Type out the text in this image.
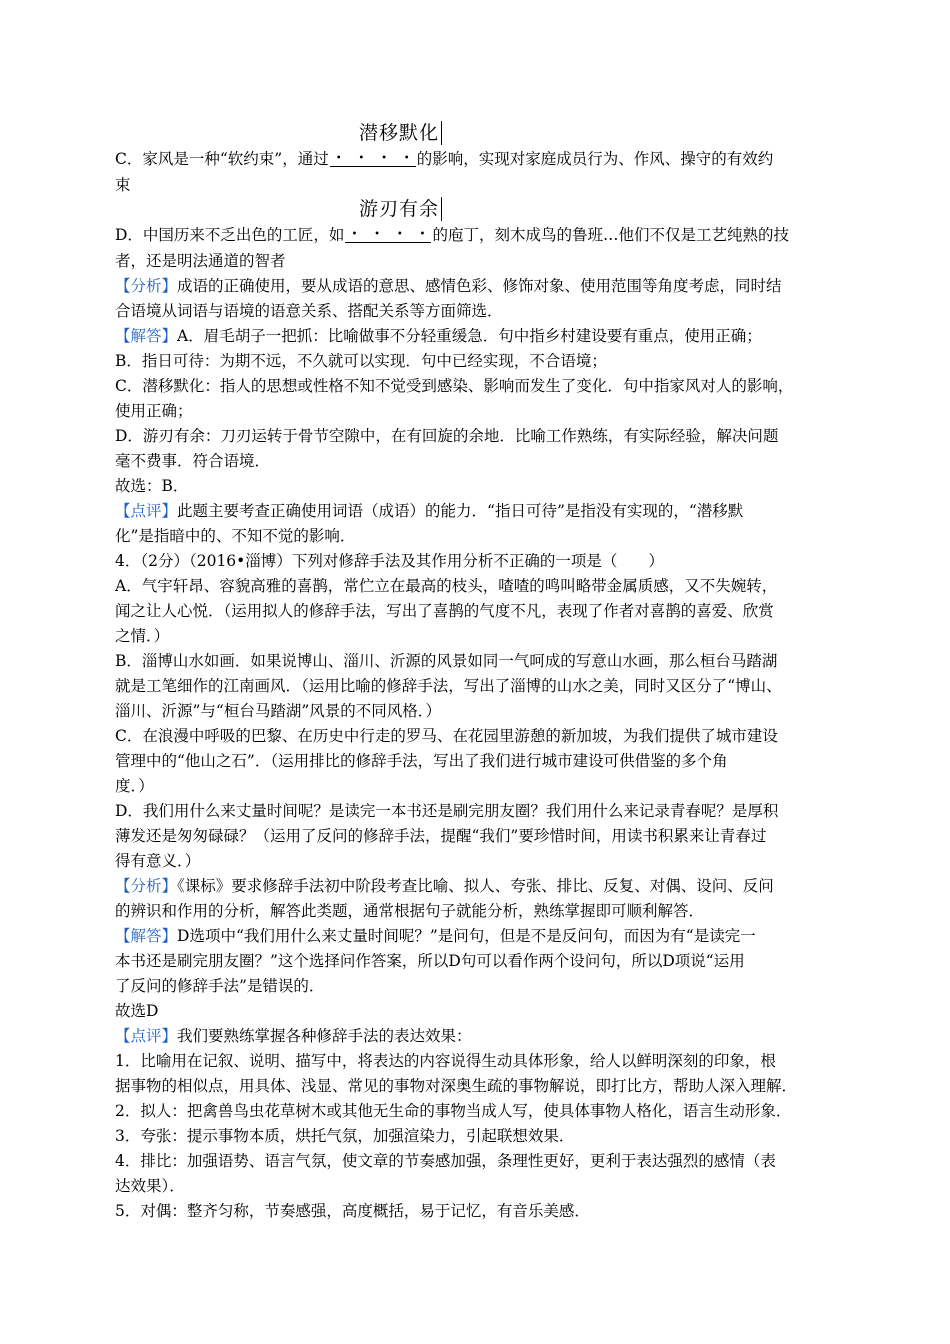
潜移默化
C．家风是一种“软约束”，通过 • • • • 的影响，实现对家庭成员行为、作风、操守的有效约
束
游刃有余
D．中国历来不乏出色的工匠，如 • • • • 的庖丁，刻木成鸟的鲁班…他们不仅是工艺纯熟的技
者，还是明法通道的智者
【分析】成语的正确使用，要从成语的意思、感情色彩、修饰对象、使用范围等角度考虑，同时结
合语境从词语与语境的语意关系、搭配关系等方面筛选．
【解答】A．眉毛胡子一把抓：比喻做事不分轻重缓急．句中指乡村建设要有重点，使用正确；
B．指日可待：为期不远，不久就可以实现．句中已经实现，不合语境；
C．潜移默化：指人的思想或性格不知不觉受到感染、影响而发生了变化．句中指家风对人的影响，
使用正确；
D．游刃有余：刀刃运转于骨节空隙中，在有回旋的余地．比喻工作熟练，有实际经验，解决问题
毫不费事．符合语境．
故选：B．
【点评】此题主要考查正确使用词语（成语）的能力．“指日可待”是指没有实现的，“潜移默
化”是指暗中的、不知不觉的影响．
4．（2分）（2016•淄博）下列对修辞手法及其作用分析不正确的一项是（　　）
A．气宇轩昂、容貌高雅的喜鹊，常伫立在最高的枝头，喳喳的鸣叫略带金属质感，又不失婉转，
闻之让人心悦．（运用拟人的修辞手法，写出了喜鹊的气度不凡，表现了作者对喜鹊的喜爱、欣赏
之情．）
B．淄博山水如画．如果说博山、淄川、沂源的风景如同一气呵成的写意山水画，那么桓台马踏湖
就是工笔细作的江南画风．（运用比喻的修辞手法，写出了淄博的山水之美，同时又区分了“博山、
淄川、沂源”与“桓台马踏湖”风景的不同风格．）
C．在浪漫中呼吸的巴黎、在历史中行走的罗马、在花园里游憩的新加坡，为我们提供了城市建设
管理中的“他山之石”．（运用排比的修辞手法，写出了我们进行城市建设可供借鉴的多个角
度．）
D．我们用什么来丈量时间呢？是读完一本书还是刷完朋友圈？我们用什么来记录青春呢？是厚积
薄发还是匆匆碌碌？（运用了反问的修辞手法，提醒“我们”要珍惜时间，用读书积累来让青春过
得有意义．）
【分析】《课标》要求修辞手法初中阶段考查比喻、拟人、夸张、排比、反复、对偶、设问、反问
的辨识和作用的分析，解答此类题，通常根据句子就能分析，熟练掌握即可顺利解答．
【解答】D选项中“我们用什么来丈量时间呢？”是问句，但是不是反问句，而因为有“是读完一
本书还是刷完朋友圈？”这个选择问作答案，所以D句可以看作两个设问句，所以D项说“运用
了反问的修辞手法”是错误的．
故选D
【点评】我们要熟练掌握各种修辞手法的表达效果：
1．比喻用在记叙、说明、描写中，将表达的内容说得生动具体形象，给人以鲜明深刻的印象，根
据事物的相似点，用具体、浅显、常见的事物对深奥生疏的事物解说，即打比方，帮助人深入理解．
2．拟人：把禽兽鸟虫花草树木或其他无生命的事物当成人写，使具体事物人格化，语言生动形象．
3．夸张：提示事物本质，烘托气氛，加强渲染力，引起联想效果．
4．排比：加强语势、语言气氛，使文章的节奏感加强，条理性更好，更利于表达强烈的感情（表
达效果）．
5．对偶：整齐匀称，节奏感强，高度概括，易于记忆，有音乐美感．
